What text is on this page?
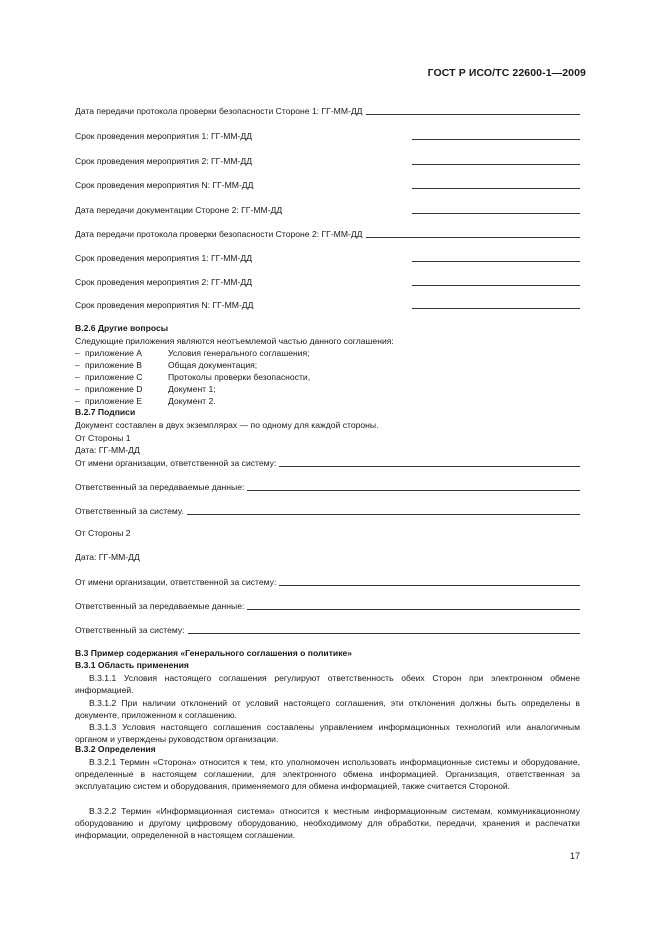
ГОСТ Р ИСО/ТС 22600-1—2009
Дата передачи протокола проверки безопасности Стороне 1: ГГ-ММ-ДД
Срок проведения мероприятия 1: ГГ-ММ-ДД
Срок проведения мероприятия 2: ГГ-ММ-ДД
Срок проведения мероприятия N: ГГ-ММ-ДД
Дата передачи документации Стороне 2: ГГ-ММ-ДД
Дата передачи протокола проверки безопасности Стороне 2: ГГ-ММ-ДД
Срок проведения мероприятия 1: ГГ-ММ-ДД
Срок проведения мероприятия 2: ГГ-ММ-ДД
Срок проведения мероприятия N: ГГ-ММ-ДД
В.2.6 Другие вопросы
Следующие приложения являются неотъемлемой частью данного соглашения:
– приложение А	Условия генерального соглашения;
– приложение В	Общая документация;
– приложение С	Протоколы проверки безопасности,
– приложение D	Документ 1;
– приложение Е	Документ 2.
В.2.7 Подписи
Документ составлен в двух экземплярах — по одному для каждой стороны.
От Стороны 1
Дата: ГГ-ММ-ДД
От имени организации, ответственной за систему:
Ответственный за передаваемые данные:
Ответственный за систему.
От Стороны 2
Дата: ГГ-ММ-ДД
От имени организации, ответственной за систему:
Ответственный за передаваемые данные:
Ответственный за систему:
В.3 Пример содержания «Генерального соглашения о политике»
В.3.1 Область применения
В.3.1.1 Условия настоящего соглашения регулируют ответственность обеих Сторон при электронном обмене информацией.
В.3.1.2 При наличии отклонений от условий настоящего соглашения, эти отклонения должны быть определены в документе, приложенном к соглашению.
В.3.1.3 Условия настоящего соглашения составлены управлением информационных технологий или аналогичным органом и утверждены руководством организации.
В.3.2 Определения
В.3.2.1 Термин «Сторона» относится к тем, кто уполномочен использовать информационные системы и оборудование, определенные в настоящем соглашении, для электронного обмена информацией. Организация, ответственная за эксплуатацию систем и оборудования, применяемого для обмена информацией, также считается Стороной.
В.3.2.2 Термин «Информационная система» относится к местным информационным системам, коммуникационному оборудованию и другому цифровому оборудованию, необходимому для обработки, передачи, хранения и распечатки информации, определенной в настоящем соглашении.
17
